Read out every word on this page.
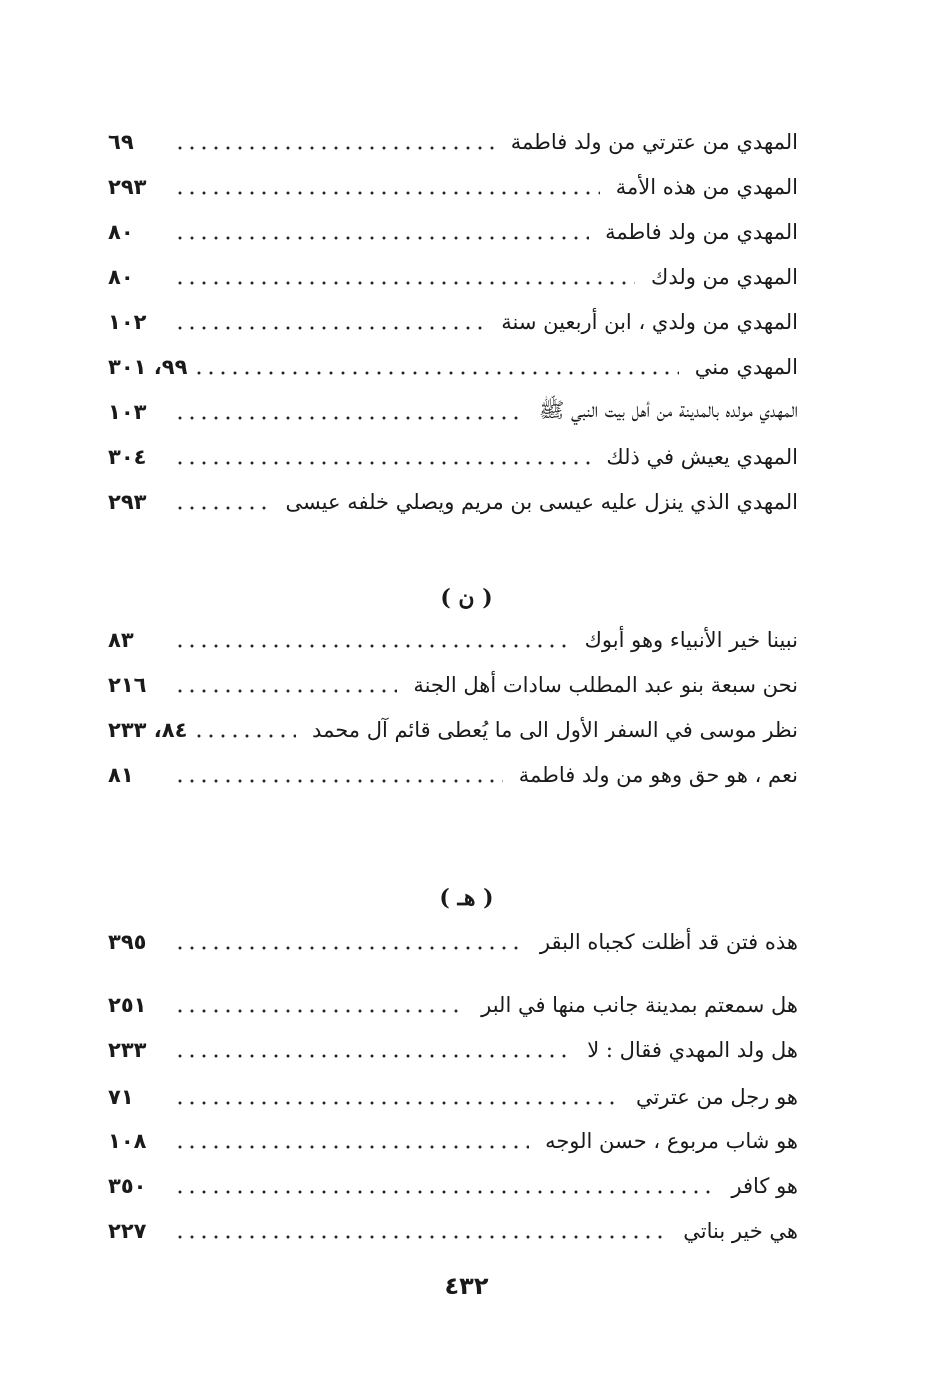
المهدي من عترتي من ولد فاطمة
٦٩
المهدي من هذه الأمة
٢٩٣
المهدي من ولد فاطمة
٨٠
المهدي من ولدك
٨٠
المهدي من ولدي ، ابن أربعين سنة
١٠٢
المهدي مني
٩٩، ٣٠١
المهدي مولده بالمدينة من أهل بيت النبي ﷺ
١٠٣
المهدي يعيش في ذلك
٣٠٤
المهدي الذي ينزل عليه عيسى بن مريم ويصلي خلفه عيسى
٢٩٣
( ن )
نبينا خير الأنبياء وهو أبوك
٨٣
نحن سبعة بنو عبد المطلب سادات أهل الجنة
٢١٦
نظر موسى في السفر الأول الى ما يُعطى قائم آل محمد
٨٤، ٢٣٣
نعم ، هو حق وهو من ولد فاطمة
٨١
( هـ )
هذه فتن قد أظلت كجباه البقر
٣٩٥
هل سمعتم بمدينة جانب منها في البر
٢٥١
هل ولد المهدي فقال : لا
٢٣٣
هو رجل من عترتي
٧١
هو شاب مربوع ، حسن الوجه
١٠٨
هو كافر
٣٥٠
هي خير بناتي
٢٢٧
٤٣٢
